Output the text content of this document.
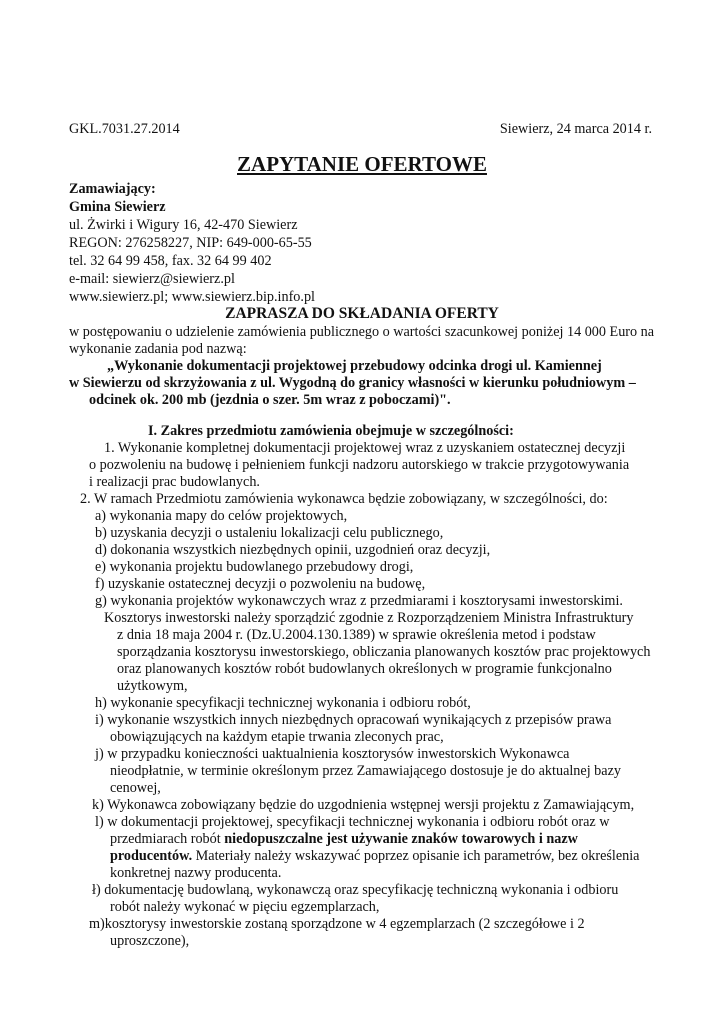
GKL.7031.27.2014	Siewierz, 24 marca 2014 r.
ZAPYTANIE OFERTOWE
Zamawiający:
Gmina Siewierz
ul. Żwirki i Wigury 16, 42-470 Siewierz
REGON: 276258227, NIP: 649-000-65-55
tel. 32 64 99 458, fax. 32 64 99 402
e-mail: siewierz@siewierz.pl
www.siewierz.pl; www.siewierz.bip.info.pl
ZAPRASZA DO SKŁADANIA OFERTY
w postępowaniu o udzielenie zamówienia publicznego o wartości szacunkowej poniżej 14 000 Euro na
wykonanie zadania pod nazwą:
„Wykonanie dokumentacji projektowej przebudowy odcinka drogi ul. Kamiennej
w Siewierzu od skrzyżowania z ul. Wygodną do granicy własności w kierunku południowym –
odcinek ok. 200 mb (jezdnia o szer. 5m wraz z poboczami)".
I. Zakres przedmiotu zamówienia obejmuje w szczególności:
1. Wykonanie kompletnej dokumentacji projektowej wraz z uzyskaniem ostatecznej decyzji
o pozwoleniu na budowę i pełnieniem funkcji nadzoru autorskiego w trakcie przygotowywania
i realizacji prac budowlanych.
2. W ramach Przedmiotu zamówienia wykonawca będzie zobowiązany, w szczególności, do:
a) wykonania mapy do celów projektowych,
b) uzyskania decyzji o ustaleniu lokalizacji celu publicznego,
d) dokonania wszystkich niezbędnych opinii, uzgodnień oraz decyzji,
e) wykonania projektu budowlanego przebudowy drogi,
f) uzyskanie ostatecznej decyzji o pozwoleniu na budowę,
g) wykonania projektów wykonawczych wraz z przedmiarami i kosztorysami inwestorskimi.
Kosztorys inwestorski należy sporządzić zgodnie z Rozporządzeniem Ministra Infrastruktury
z dnia 18 maja 2004 r. (Dz.U.2004.130.1389) w sprawie określenia metod i podstaw
sporządzania kosztorysu inwestorskiego, obliczania planowanych kosztów prac projektowych
oraz planowanych kosztów robót budowlanych określonych w programie funkcjonalno
użytkowym,
h) wykonanie specyfikacji technicznej wykonania i odbioru robót,
i) wykonanie wszystkich innych niezbędnych opracowań wynikających z przepisów prawa
obowiązujących na każdym etapie trwania zleconych prac,
j) w przypadku konieczności uaktualnienia kosztorysów inwestorskich Wykonawca
nieodpłatnie, w terminie określonym przez Zamawiającego dostosuje je do aktualnej bazy
cenowej,
k) Wykonawca zobowiązany będzie do uzgodnienia wstępnej wersji projektu z Zamawiającym,
l) w dokumentacji projektowej, specyfikacji technicznej wykonania i odbioru robót oraz w
przedmiarach robót niedopuszczalne jest używanie znaków towarowych i nazw
producentów. Materiały należy wskazywać poprzez opisanie ich parametrów, bez określenia
konkretnej nazwy producenta.
ł) dokumentację budowlaną, wykonawczą oraz specyfikację techniczną wykonania i odbioru
robót należy wykonać w pięciu egzemplarzach,
m)kosztorysy inwestorskie zostaną sporządzone w 4 egzemplarzach (2 szczegółowe i 2
uproszczone),
